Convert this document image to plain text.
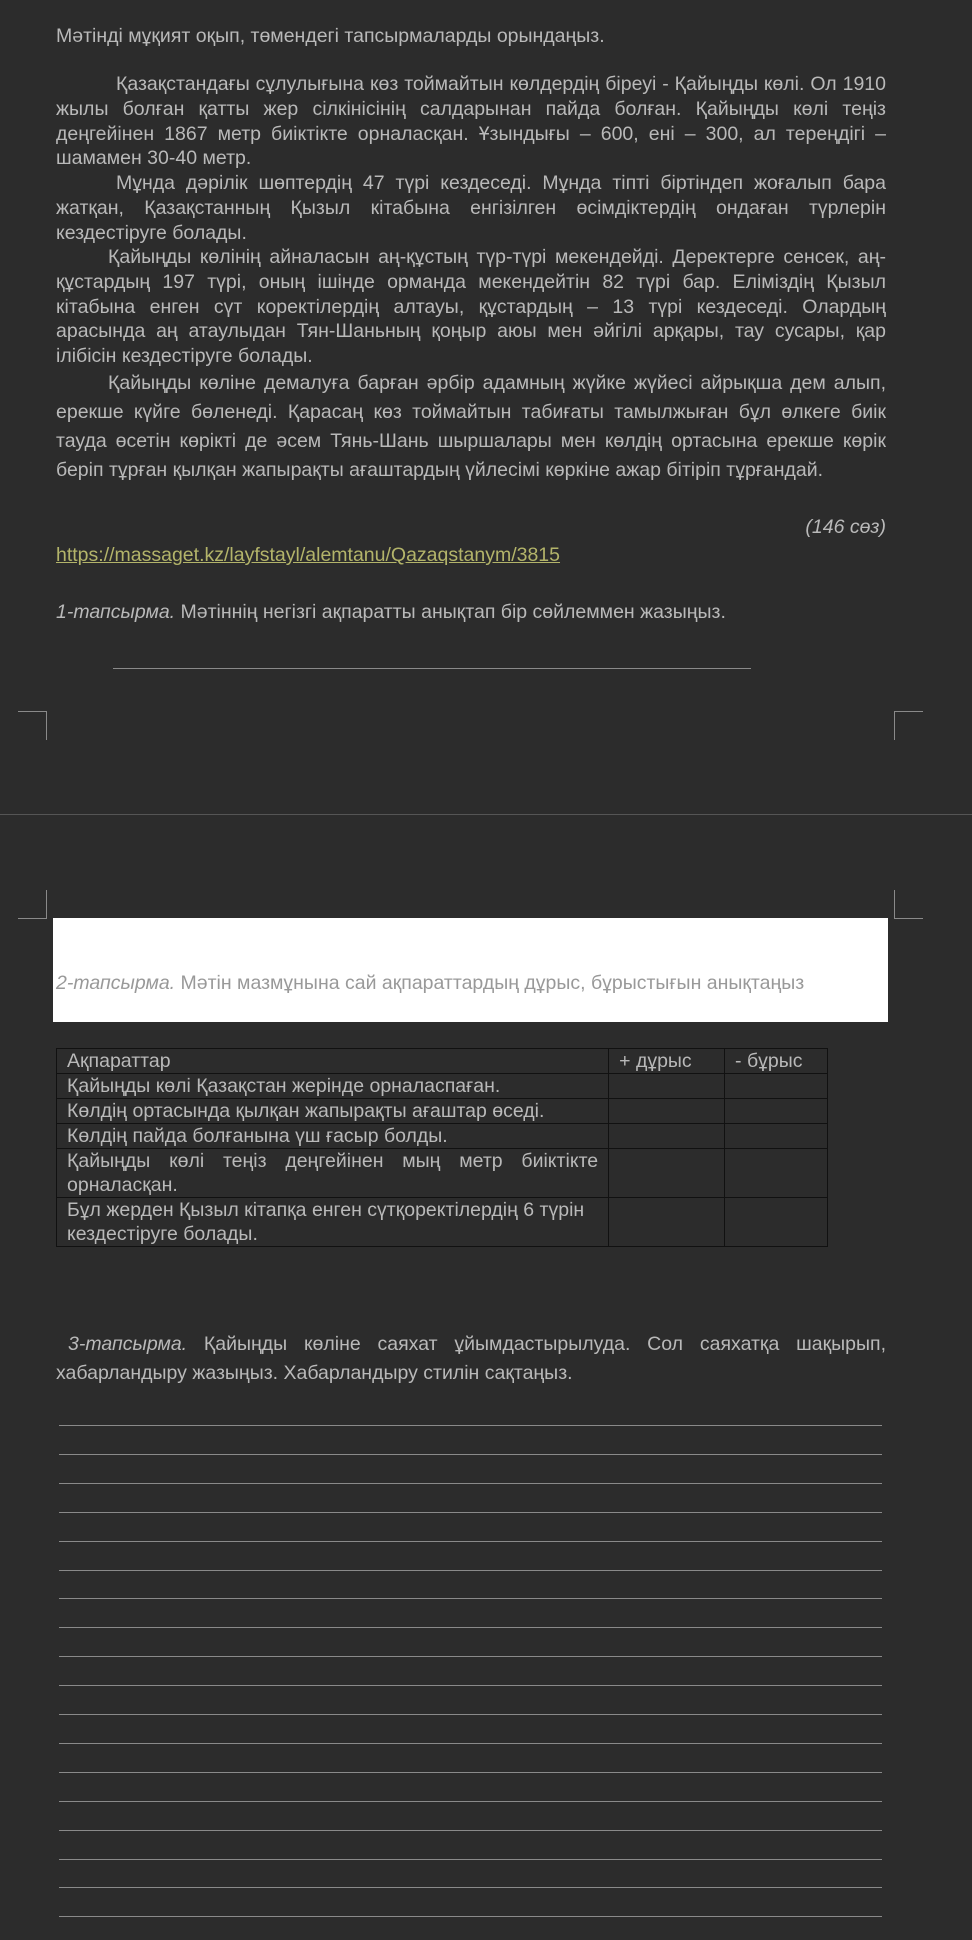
Мәтінді мұқият оқып, төмендегі тапсырмаларды орындаңыз.

Қазақстандағы сұлулығына көз тоймайтын көлдердің біреуі - Қайыңды көлі. Ол 1910 жылы болған қатты жер сілкінісінің салдарынан пайда болған. Қайыңды көлі теңіз деңгейінен 1867 метр биіктікте орналасқан. Ұзындығы – 600, ені – 300, ал тереңдігі – шамамен 30-40 метр.

Мұнда дәрілік шөптердің 47 түрі кездеседі. Мұнда тіпті біртіндеп жоғалып бара жатқан, Қазақстанның Қызыл кітабына енгізілген өсімдіктердің ондаған түрлерін кездестіруге болады.

Қайыңды көлінің айналасын аң-құстың түр-түрі мекендейді. Деректерге сенсек, аң-құстардың 197 түрі, оның ішінде орманда мекендейтін 82 түрі бар. Еліміздің Қызыл кітабына енген сүт коректілердің алтауы, құстардың – 13 түрі кездеседі. Олардың арасында аң атаулыдан Тян-Шаньның қоңыр аюы мен әйгілі арқары, тау сусары, қар ілібісін кездестіруге болады.

Қайыңды көліне демалуға барған әрбір адамның жүйке жүйесі айрықша дем алып, ерекше күйге бөленеді. Қарасаң көз тоймайтын табиғаты тамылжыған бұл өлкеге биік тауда өсетін көрікті де әсем Тянь-Шань шыршалары мен көлдің ортасына ерекше көрік беріп тұрған қылқан жапырақты ағаштардың үйлесімі көркіне ажар бітіріп тұрғандай.

(146 сөз)

https://massaget.kz/layfstayl/alemtanu/Qazaqstanym/3815

1-тапсырма. Мәтіннің негізгі ақпаратты анықтап бір сөйлеммен жазыңыз.

2-тапсырма. Мәтін мазмұнына сай ақпараттардың дұрыс, бұрыстығын анықтаңыз

Ақпараттар	+ дұрыс	- бұрыс
Қайыңды көлі Қазақстан жерінде орналаспаған.		
Көлдің ортасында қылқан жапырақты ағаштар өседі.		
Көлдің пайда болғанына үш ғасыр болды.		
Қайыңды көлі теңіз деңгейінен мың метр биіктікте орналасқан.		
Бұл жерден Қызыл кітапқа енген сүтқоректілердің 6 түрін кездестіруге болады.		

3-тапсырма. Қайыңды көліне саяхат ұйымдастырылуда. Сол саяхатқа шақырып, хабарландыру жазыңыз. Хабарландыру стилін сақтаңыз.
